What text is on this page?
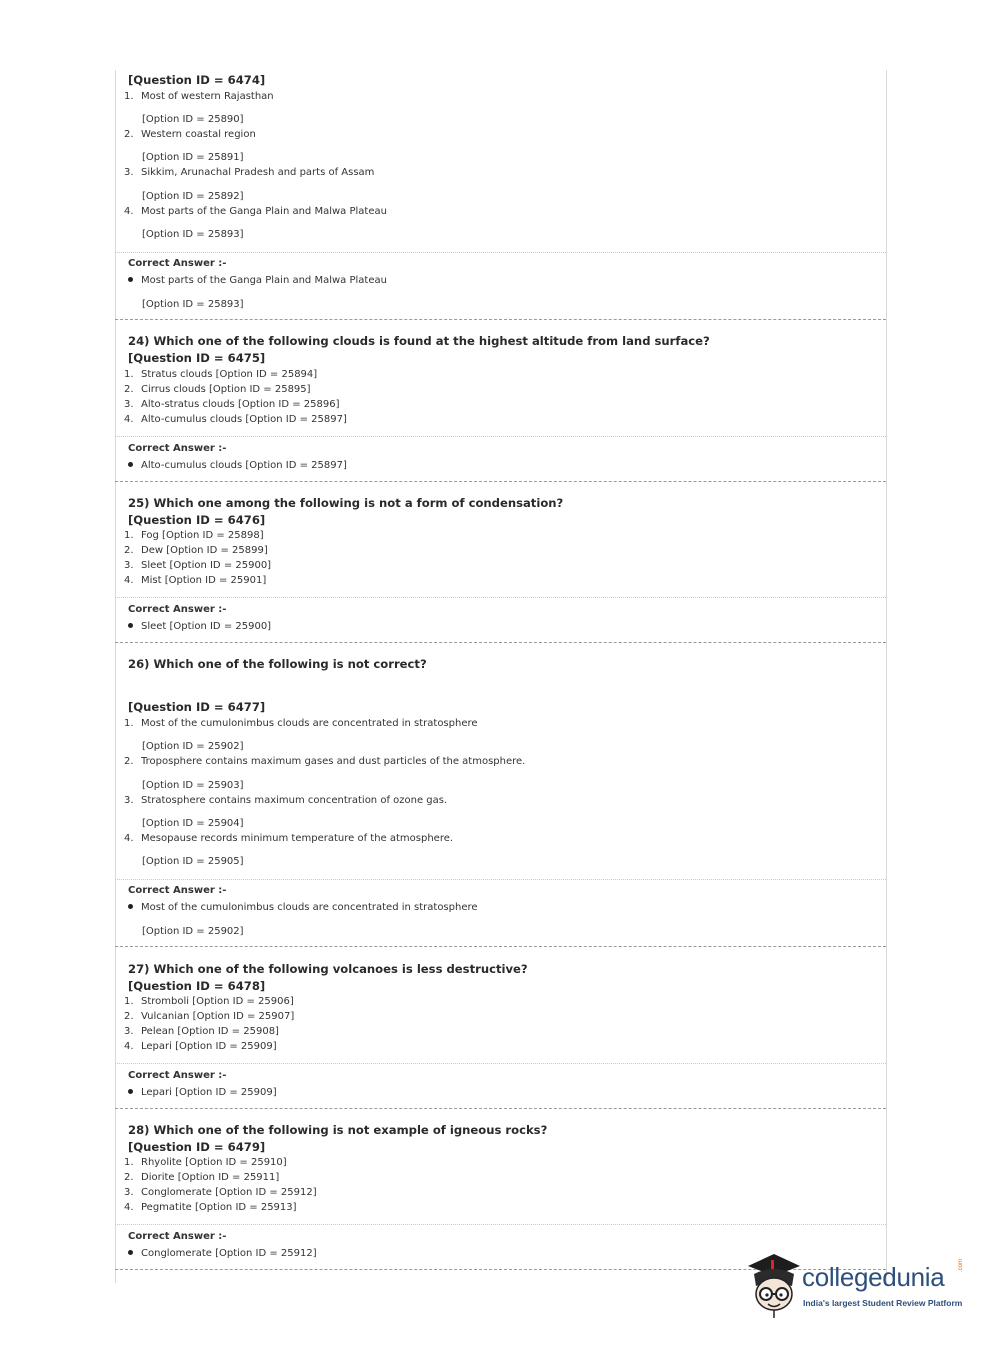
[Question ID = 6474]
1. Most of western Rajasthan
[Option ID = 25890]
2. Western coastal region
[Option ID = 25891]
3. Sikkim, Arunachal Pradesh and parts of Assam
[Option ID = 25892]
4. Most parts of the Ganga Plain and Malwa Plateau
[Option ID = 25893]
Correct Answer :-
Most parts of the Ganga Plain and Malwa Plateau
[Option ID = 25893]
24) Which one of the following clouds is found at the highest altitude from land surface?
[Question ID = 6475]
1. Stratus clouds [Option ID = 25894]
2. Cirrus clouds [Option ID = 25895]
3. Alto-stratus clouds [Option ID = 25896]
4. Alto-cumulus clouds [Option ID = 25897]
Correct Answer :-
Alto-cumulus clouds [Option ID = 25897]
25) Which one among the following is not a form of condensation?
[Question ID = 6476]
1. Fog [Option ID = 25898]
2. Dew [Option ID = 25899]
3. Sleet [Option ID = 25900]
4. Mist [Option ID = 25901]
Correct Answer :-
Sleet [Option ID = 25900]
26) Which one of the following is not correct?
[Question ID = 6477]
1. Most of the cumulonimbus clouds are concentrated in stratosphere
[Option ID = 25902]
2. Troposphere contains maximum gases and dust particles of the atmosphere.
[Option ID = 25903]
3. Stratosphere contains maximum concentration of ozone gas.
[Option ID = 25904]
4. Mesopause records minimum temperature of the atmosphere.
[Option ID = 25905]
Correct Answer :-
Most of the cumulonimbus clouds are concentrated in stratosphere
[Option ID = 25902]
27) Which one of the following volcanoes is less destructive?
[Question ID = 6478]
1. Stromboli [Option ID = 25906]
2. Vulcanian [Option ID = 25907]
3. Pelean [Option ID = 25908]
4. Lepari [Option ID = 25909]
Correct Answer :-
Lepari [Option ID = 25909]
28) Which one of the following is not example of igneous rocks?
[Question ID = 6479]
1. Rhyolite [Option ID = 25910]
2. Diorite [Option ID = 25911]
3. Conglomerate [Option ID = 25912]
4. Pegmatite [Option ID = 25913]
Correct Answer :-
Conglomerate [Option ID = 25912]
collegedunia .com
India's largest Student Review Platform
